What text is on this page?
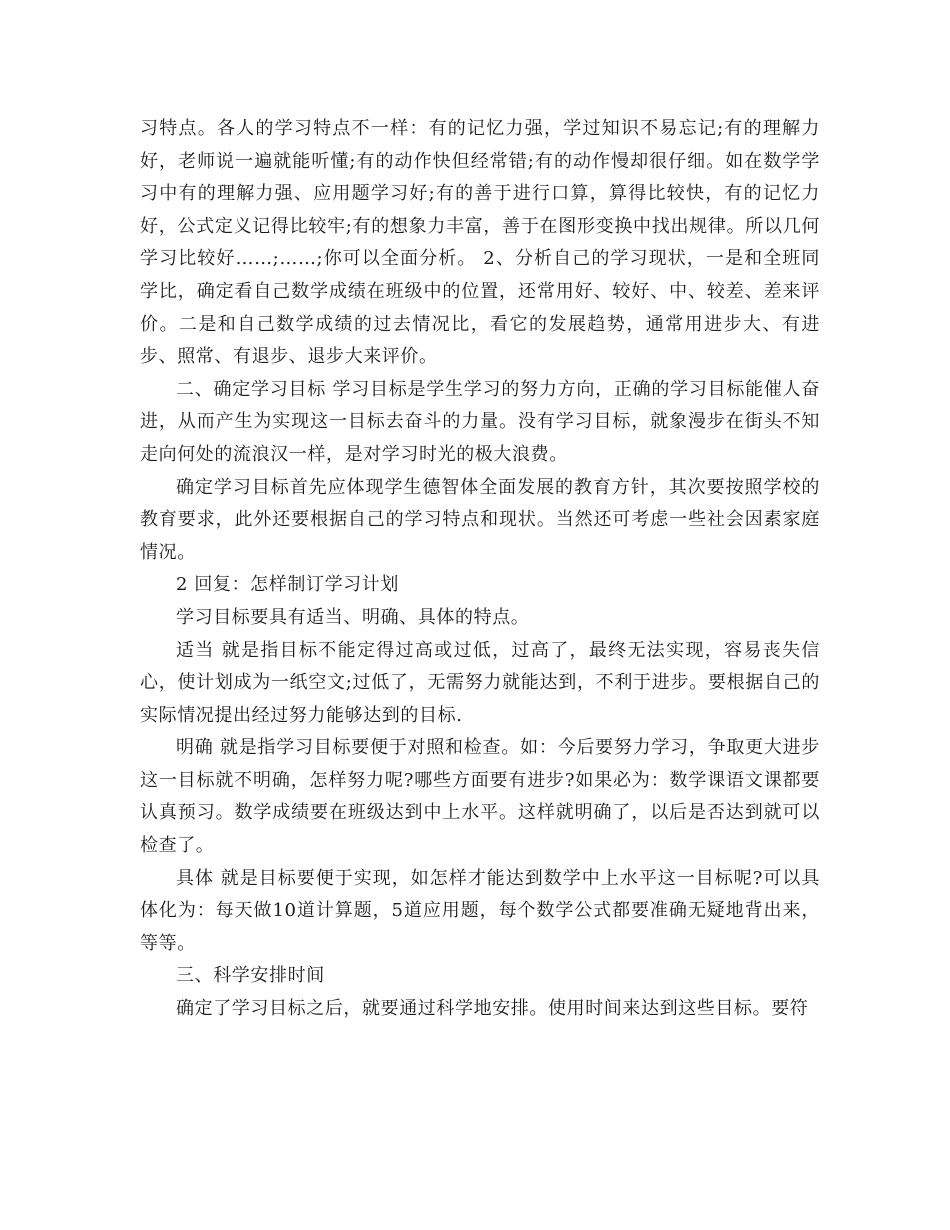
习特点。各人的学习特点不一样：有的记忆力强，学过知识不易忘记;有的理解力好，老师说一遍就能听懂;有的动作快但经常错;有的动作慢却很仔细。如在数学学习中有的理解力强、应用题学习好;有的善于进行口算，算得比较快，有的记忆力好，公式定义记得比较牢;有的想象力丰富，善于在图形变换中找出规律。所以几何学习比较好……;……;你可以全面分析。 2、分析自己的学习现状，一是和全班同学比，确定看自己数学成绩在班级中的位置，还常用好、较好、中、较差、差来评价。二是和自己数学成绩的过去情况比，看它的发展趋势，通常用进步大、有进步、照常、有退步、退步大来评价。

二、确定学习目标 学习目标是学生学习的努力方向，正确的学习目标能催人奋进，从而产生为实现这一目标去奋斗的力量。没有学习目标，就象漫步在街头不知走向何处的流浪汉一样，是对学习时光的极大浪费。

确定学习目标首先应体现学生德智体全面发展的教育方针，其次要按照学校的教育要求，此外还要根据自己的学习特点和现状。当然还可考虑一些社会因素家庭情况。

2 回复：怎样制订学习计划

学习目标要具有适当、明确、具体的特点。

适当 就是指目标不能定得过高或过低，过高了，最终无法实现，容易丧失信心，使计划成为一纸空文;过低了，无需努力就能达到，不利于进步。要根据自己的实际情况提出经过努力能够达到的目标.

明确 就是指学习目标要便于对照和检查。如：今后要努力学习，争取更大进步这一目标就不明确，怎样努力呢?哪些方面要有进步?如果必为：数学课语文课都要认真预习。数学成绩要在班级达到中上水平。这样就明确了，以后是否达到就可以检查了。

具体 就是目标要便于实现，如怎样才能达到数学中上水平这一目标呢?可以具体化为：每天做10道计算题，5道应用题，每个数学公式都要准确无疑地背出来，等等。

三、科学安排时间

确定了学习目标之后，就要通过科学地安排。使用时间来达到这些目标。要符
